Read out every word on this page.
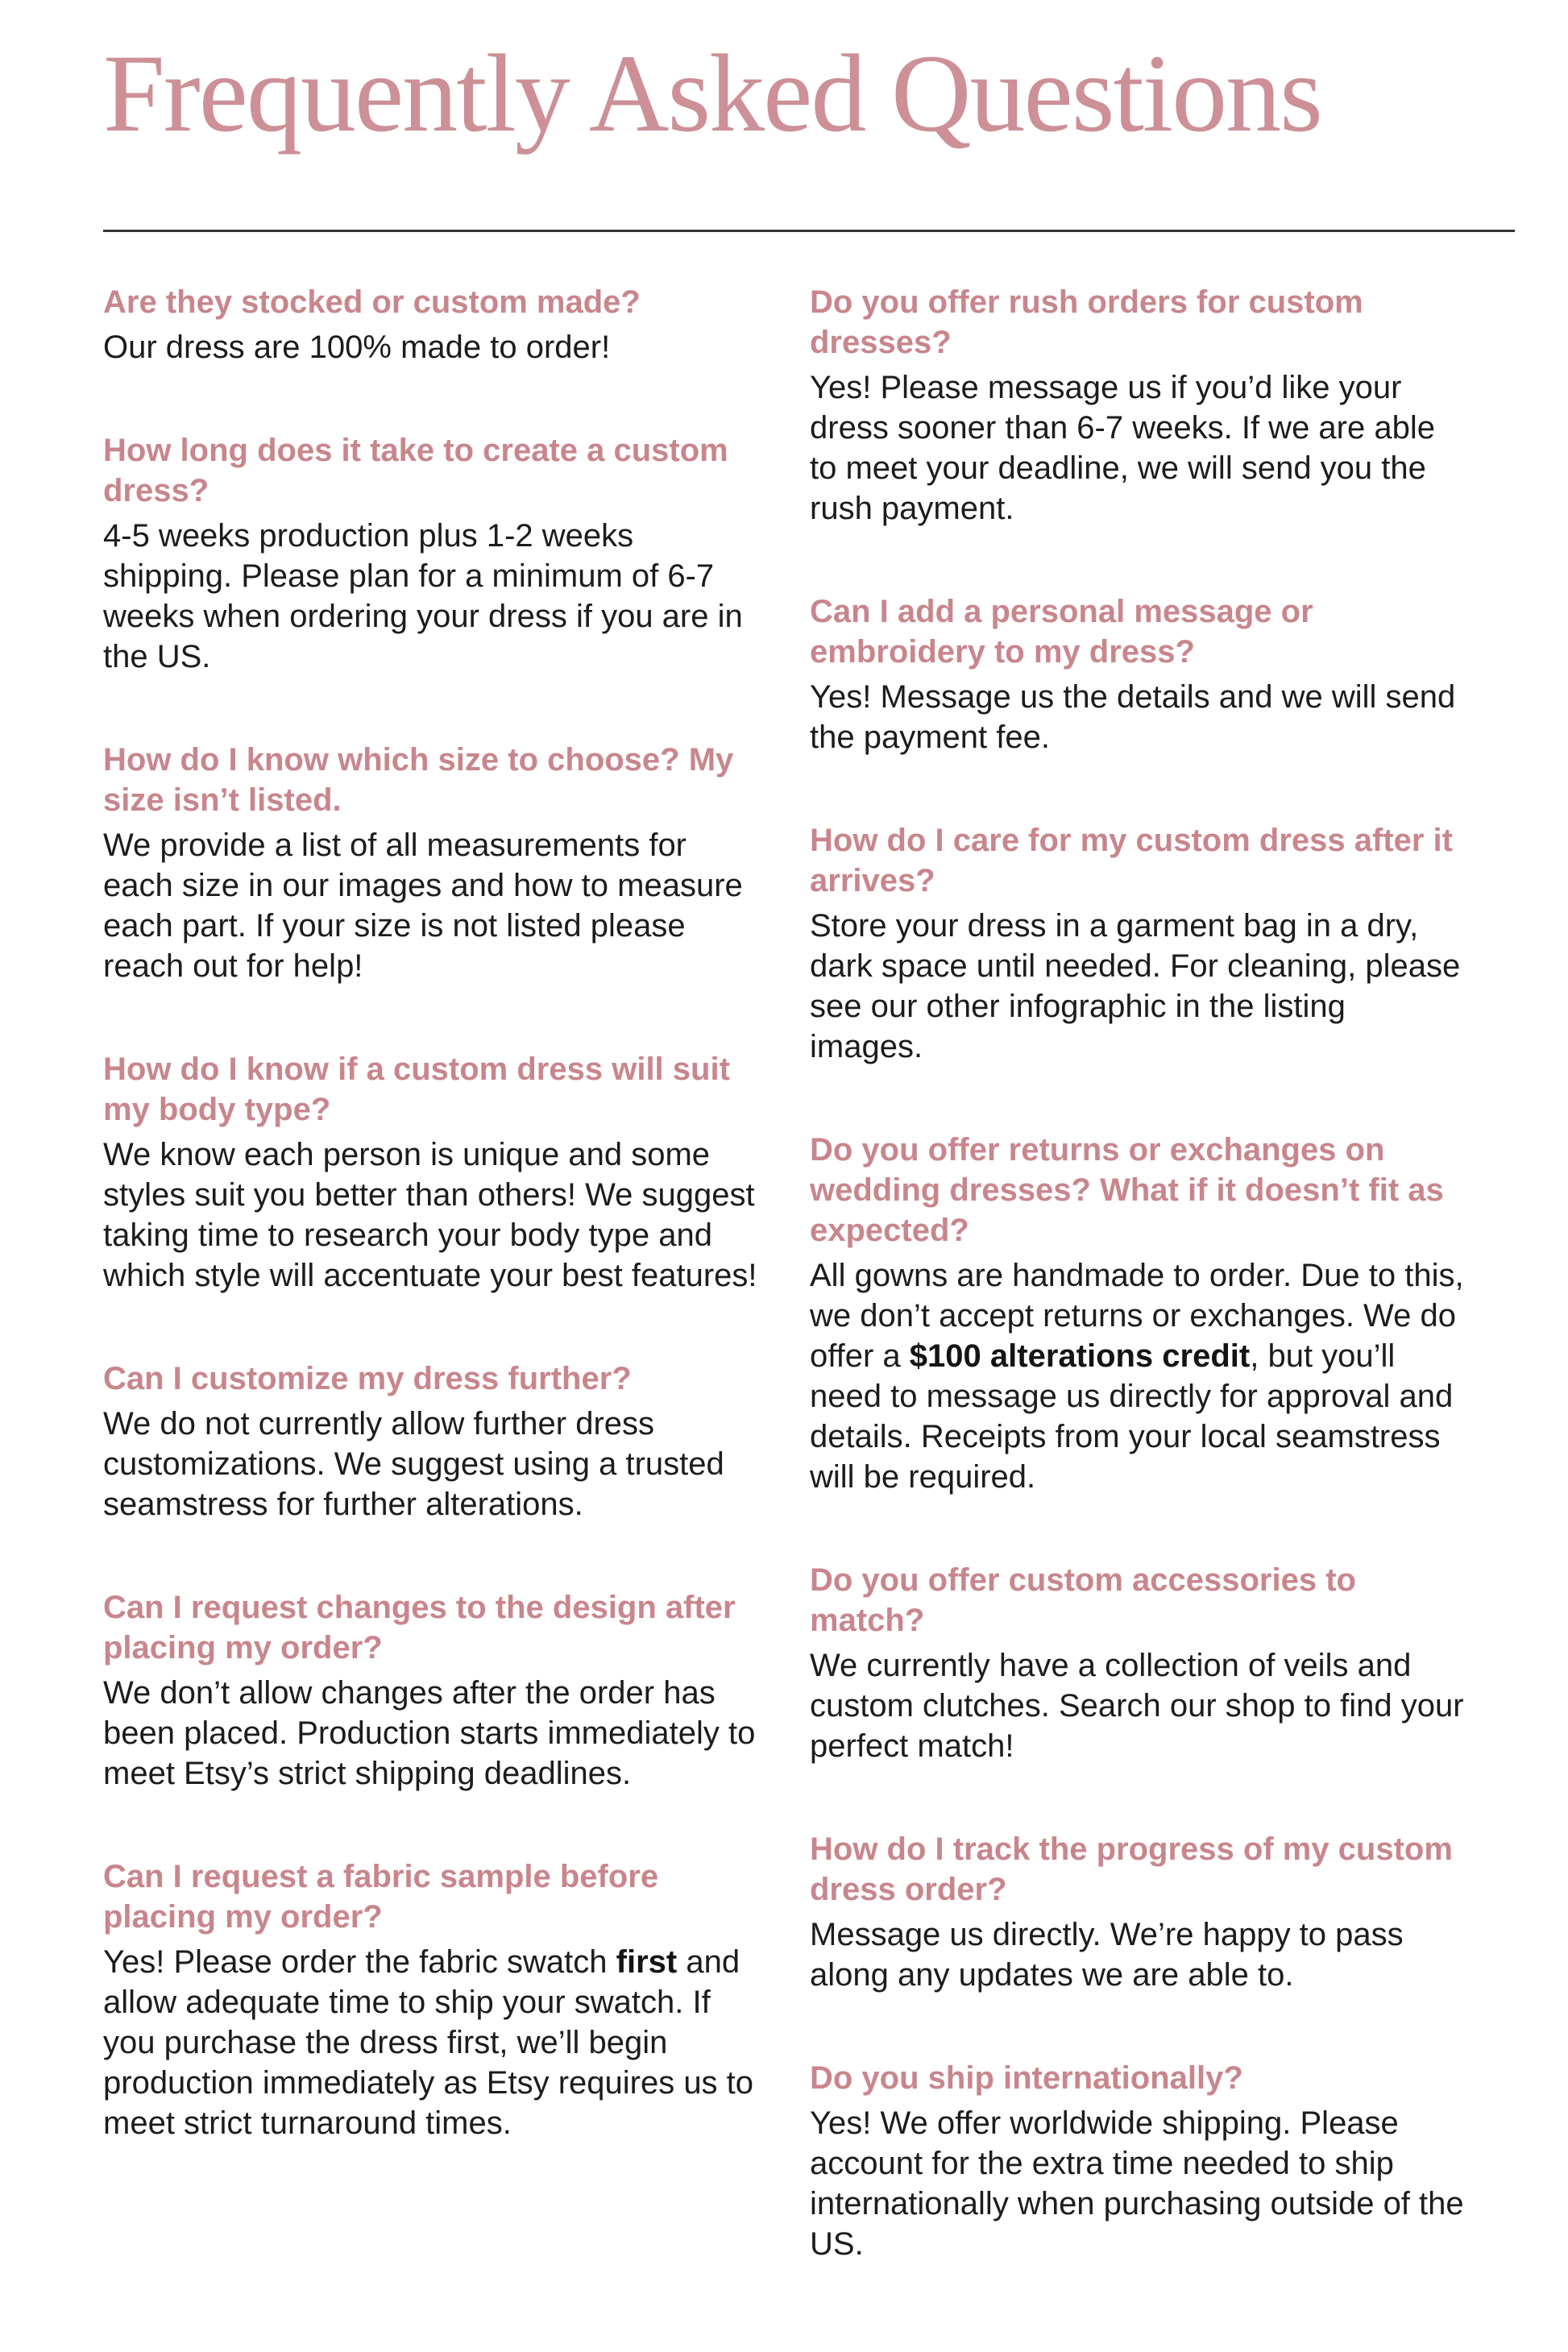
Frequently Asked Questions
Are they stocked or custom made?

Our dress are 100% made to order!

How long does it take to create a custom dress?

4-5 weeks production plus 1-2 weeks shipping. Please plan for a minimum of 6-7 weeks when ordering your dress if you are in the US.

How do I know which size to choose? My size isn’t listed.

We provide a list of all measurements for each size in our images and how to measure each part. If your size is not listed please reach out for help!

How do I know if a custom dress will suit my body type?

We know each person is unique and some styles suit you better than others! We suggest taking time to research your body type and which style will accentuate your best features!

Can I customize my dress further?

We do not currently allow further dress customizations. We suggest using a trusted seamstress for further alterations.

Can I request changes to the design after placing my order?

We don’t allow changes after the order has been placed. Production starts immediately to meet Etsy’s strict shipping deadlines.

Can I request a fabric sample before placing my order?

Yes! Please order the fabric swatch first and allow adequate time to ship your swatch. If you purchase the dress first, we’ll begin production immediately as Etsy requires us to meet strict turnaround times.

Do you offer rush orders for custom dresses?

Yes! Please message us if you’d like your dress sooner than 6-7 weeks. If we are able to meet your deadline, we will send you the rush payment.

Can I add a personal message or embroidery to my dress?

Yes! Message us the details and we will send the payment fee.

How do I care for my custom dress after it arrives?

Store your dress in a garment bag in a dry, dark space until needed. For cleaning, please see our other infographic in the listing images.

Do you offer returns or exchanges on wedding dresses? What if it doesn’t fit as expected?

All gowns are handmade to order. Due to this, we don’t accept returns or exchanges. We do offer a $100 alterations credit, but you’ll need to message us directly for approval and details. Receipts from your local seamstress will be required.

Do you offer custom accessories to match?

We currently have a collection of veils and custom clutches. Search our shop to find your perfect match!

How do I track the progress of my custom dress order?

Message us directly. We’re happy to pass along any updates we are able to.

Do you ship internationally?

Yes! We offer worldwide shipping. Please account for the extra time needed to ship internationally when purchasing outside of the US.
